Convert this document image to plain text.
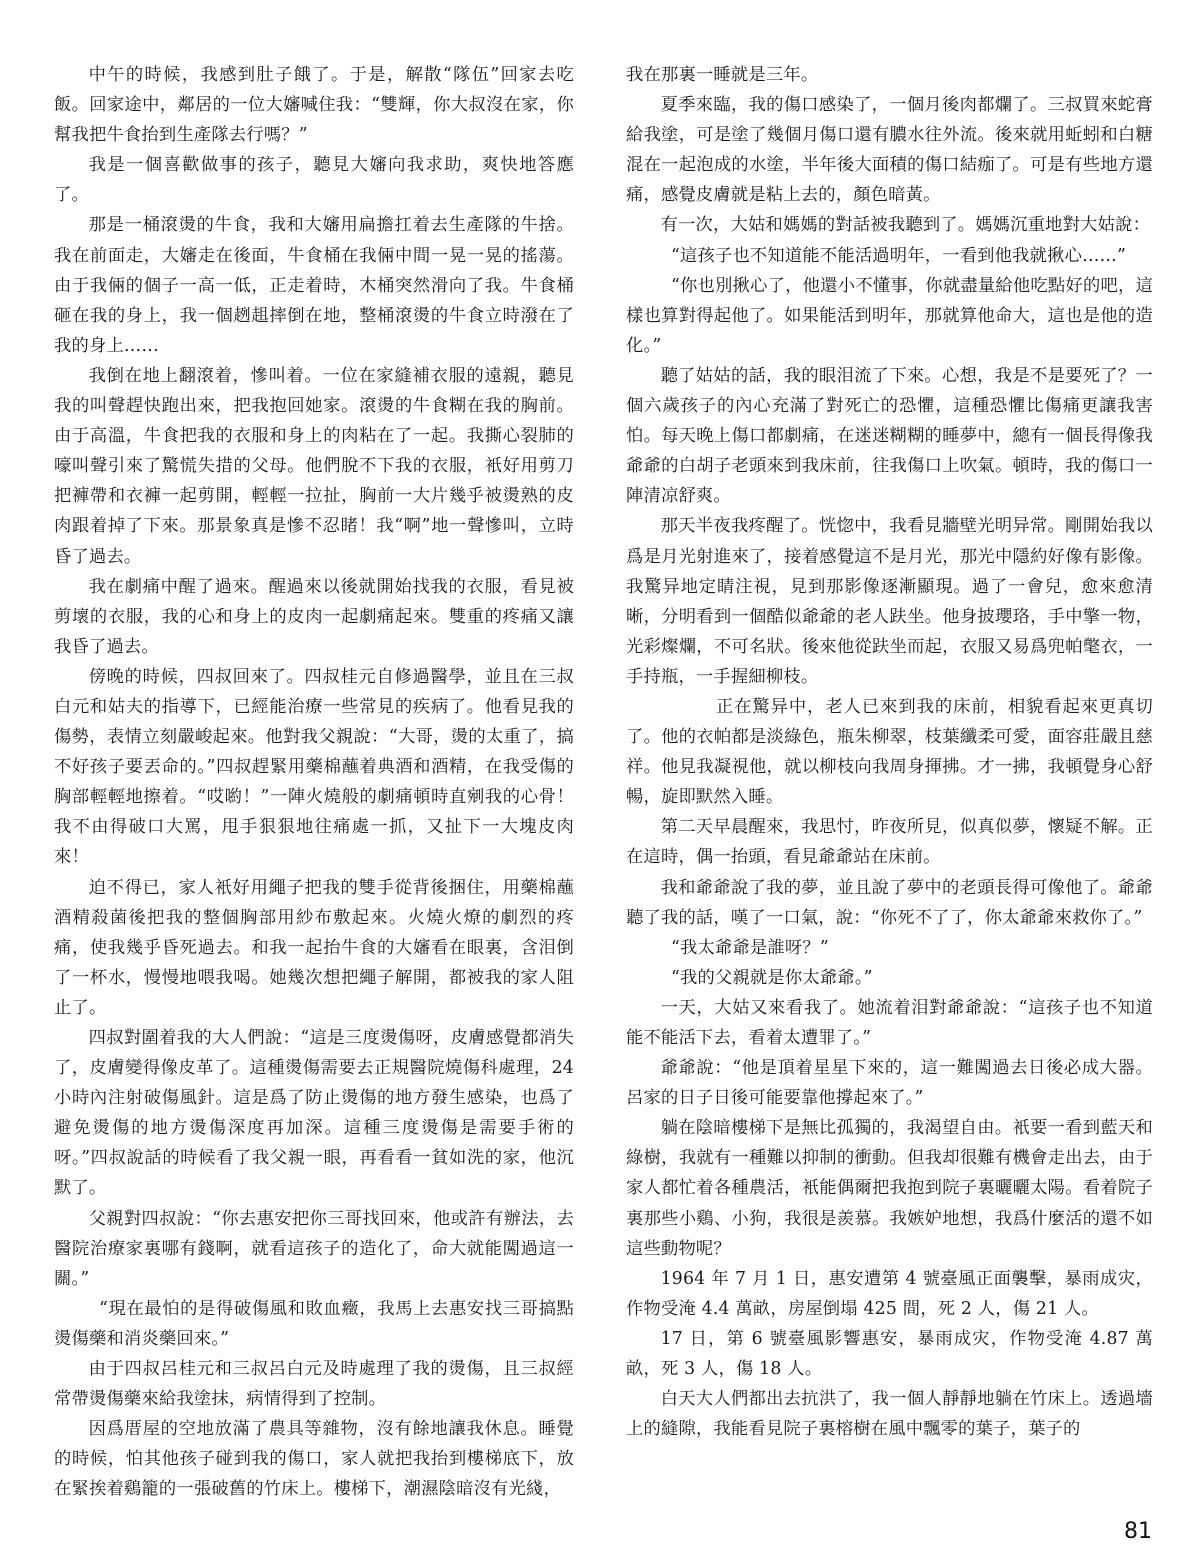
中午的時候，我感到肚子餓了。于是，解散“隊伍”回家去吃飯。回家途中，鄰居的一位大嬸喊住我：“雙輝，你大叔沒在家，你幫我把牛食抬到生產隊去行嗎？”

我是一個喜歡做事的孩子，聽見大嬸向我求助，爽快地答應了。

那是一桶滾燙的牛食，我和大嬸用扁擔扛着去生產隊的牛捨。我在前面走，大嬸走在後面，牛食桶在我倆中間一晃一晃的搖蕩。由于我倆的個子一高一低，正走着時，木桶突然滑向了我。牛食桶砸在我的身上，我一個趔趄摔倒在地，整桶滾燙的牛食立時潑在了我的身上……

我倒在地上翻滾着，慘叫着。一位在家縫補衣服的遠親，聽見我的叫聲趕快跑出來，把我抱回她家。滾燙的牛食糊在我的胸前。由于高溫，牛食把我的衣服和身上的肉粘在了一起。我撕心裂肺的嚎叫聲引來了驚慌失措的父母。他們脫不下我的衣服，衹好用剪刀把褲帶和衣褲一起剪開，輕輕一拉扯，胸前一大片幾乎被燙熟的皮肉跟着掉了下來。那景象真是慘不忍睹！我“啊”地一聲慘叫，立時昏了過去。

我在劇痛中醒了過來。醒過來以後就開始找我的衣服，看見被剪壞的衣服，我的心和身上的皮肉一起劇痛起來。雙重的疼痛又讓我昏了過去。

傍晚的時候，四叔回來了。四叔桂元自修過醫學，並且在三叔白元和姑夫的指導下，已經能治療一些常見的疾病了。他看見我的傷勢，表情立刻嚴峻起來。他對我父親說：“大哥，燙的太重了，搞不好孩子要丟命的。”四叔趕緊用藥棉蘸着典酒和酒精，在我受傷的胸部輕輕地擦着。“哎喲！”一陣火燒般的劇痛頓時直剜我的心骨！我不由得破口大罵，甩手狠狠地往痛處一抓，又扯下一大塊皮肉來！

迫不得已，家人衹好用繩子把我的雙手從背後捆住，用藥棉蘸酒精殺菌後把我的整個胸部用紗布敷起來。火燒火燎的劇烈的疼痛，使我幾乎昏死過去。和我一起抬牛食的大嬸看在眼裏，含泪倒了一杯水，慢慢地喂我喝。她幾次想把繩子解開，都被我的家人阻止了。

四叔對圍着我的大人們說：“這是三度燙傷呀，皮膚感覺都消失了，皮膚變得像皮革了。這種燙傷需要去正規醫院燒傷科處理，24 小時內注射破傷風針。這是爲了防止燙傷的地方發生感染，也爲了避免燙傷的地方燙傷深度再加深。這種三度燙傷是需要手術的呀。”四叔說話的時候看了我父親一眼，再看看一貧如洗的家，他沉默了。

父親對四叔說：“你去惠安把你三哥找回來，他或許有辦法，去醫院治療家裏哪有錢啊，就看這孩子的造化了，命大就能闖過這一關。”

“現在最怕的是得破傷風和敗血癥，我馬上去惠安找三哥搞點燙傷藥和消炎藥回來。”

由于四叔呂桂元和三叔呂白元及時處理了我的燙傷，且三叔經常帶燙傷藥來給我塗抹，病情得到了控制。

因爲厝屋的空地放滿了農具等雜物，沒有餘地讓我休息。睡覺的時候，怕其他孩子碰到我的傷口，家人就把我抬到樓梯底下，放在緊挨着鷄籠的一張破舊的竹床上。樓梯下，潮濕陰暗沒有光綫，

我在那裏一睡就是三年。

夏季來臨，我的傷口感染了，一個月後肉都爛了。三叔買來蛇膏給我塗，可是塗了幾個月傷口還有膿水往外流。後來就用蚯蚓和白糖混在一起泡成的水塗，半年後大面積的傷口結痂了。可是有些地方還痛，感覺皮膚就是粘上去的，顏色暗黃。

有一次，大姑和媽媽的對話被我聽到了。媽媽沉重地對大姑說：

“這孩子也不知道能不能活過明年，一看到他我就揪心……”

“你也別揪心了，他還小不懂事，你就盡量給他吃點好的吧，這樣也算對得起他了。如果能活到明年，那就算他命大，這也是他的造化。”

聽了姑姑的話，我的眼泪流了下來。心想，我是不是要死了？一個六歲孩子的內心充滿了對死亡的恐懼，這種恐懼比傷痛更讓我害怕。每天晚上傷口都劇痛，在迷迷糊糊的睡夢中，總有一個長得像我爺爺的白胡子老頭來到我床前，往我傷口上吹氣。頓時，我的傷口一陣清凉舒爽。

那天半夜我疼醒了。恍惚中，我看見牆壁光明异常。剛開始我以爲是月光射進來了，接着感覺這不是月光，那光中隱約好像有影像。我驚异地定睛注視，見到那影像逐漸顯現。過了一會兒，愈來愈清晰，分明看到一個酷似爺爺的老人趺坐。他身披瓔珞，手中擎一物，光彩燦爛，不可名狀。後來他從趺坐而起，衣服又易爲兜帕氅衣，一手持瓶，一手握細柳枝。

正在驚异中，老人已來到我的床前，相貌看起來更真切了。他的衣帕都是淡綠色，瓶朱柳翠，枝葉纖柔可愛，面容莊嚴且慈祥。他見我凝視他，就以柳枝向我周身揮拂。才一拂，我頓覺身心舒暢，旋即默然入睡。

第二天早晨醒來，我思忖，昨夜所見，似真似夢，懷疑不解。正在這時，偶一抬頭，看見爺爺站在床前。

我和爺爺說了我的夢，並且說了夢中的老頭長得可像他了。爺爺聽了我的話，嘆了一口氣，說：“你死不了了，你太爺爺來救你了。”

“我太爺爺是誰呀？”

“我的父親就是你太爺爺。”

一天，大姑又來看我了。她流着泪對爺爺說：“這孩子也不知道能不能活下去，看着太遭罪了。”

爺爺說：“他是頂着星星下來的，這一難闖過去日後必成大器。呂家的日子日後可能要靠他撐起來了。”

躺在陰暗樓梯下是無比孤獨的，我渴望自由。衹要一看到藍天和綠樹，我就有一種難以抑制的衝動。但我却很難有機會走出去，由于家人都忙着各種農活，衹能偶爾把我抱到院子裏曬曬太陽。看着院子裏那些小鷄、小狗，我很是羨慕。我嫉妒地想，我爲什麼活的還不如這些動物呢？

1964 年 7 月 1 日，惠安遭第 4 號臺風正面襲擊，暴雨成灾，作物受淹 4.4 萬畝，房屋倒塌 425 間，死 2 人，傷 21 人。

17 日，第 6 號臺風影響惠安，暴雨成灾，作物受淹 4.87 萬畝，死 3 人，傷 18 人。

白天大人們都出去抗洪了，我一個人靜靜地躺在竹床上。透過墻上的縫隙，我能看見院子裏榕樹在風中飄零的葉子，葉子的

81
